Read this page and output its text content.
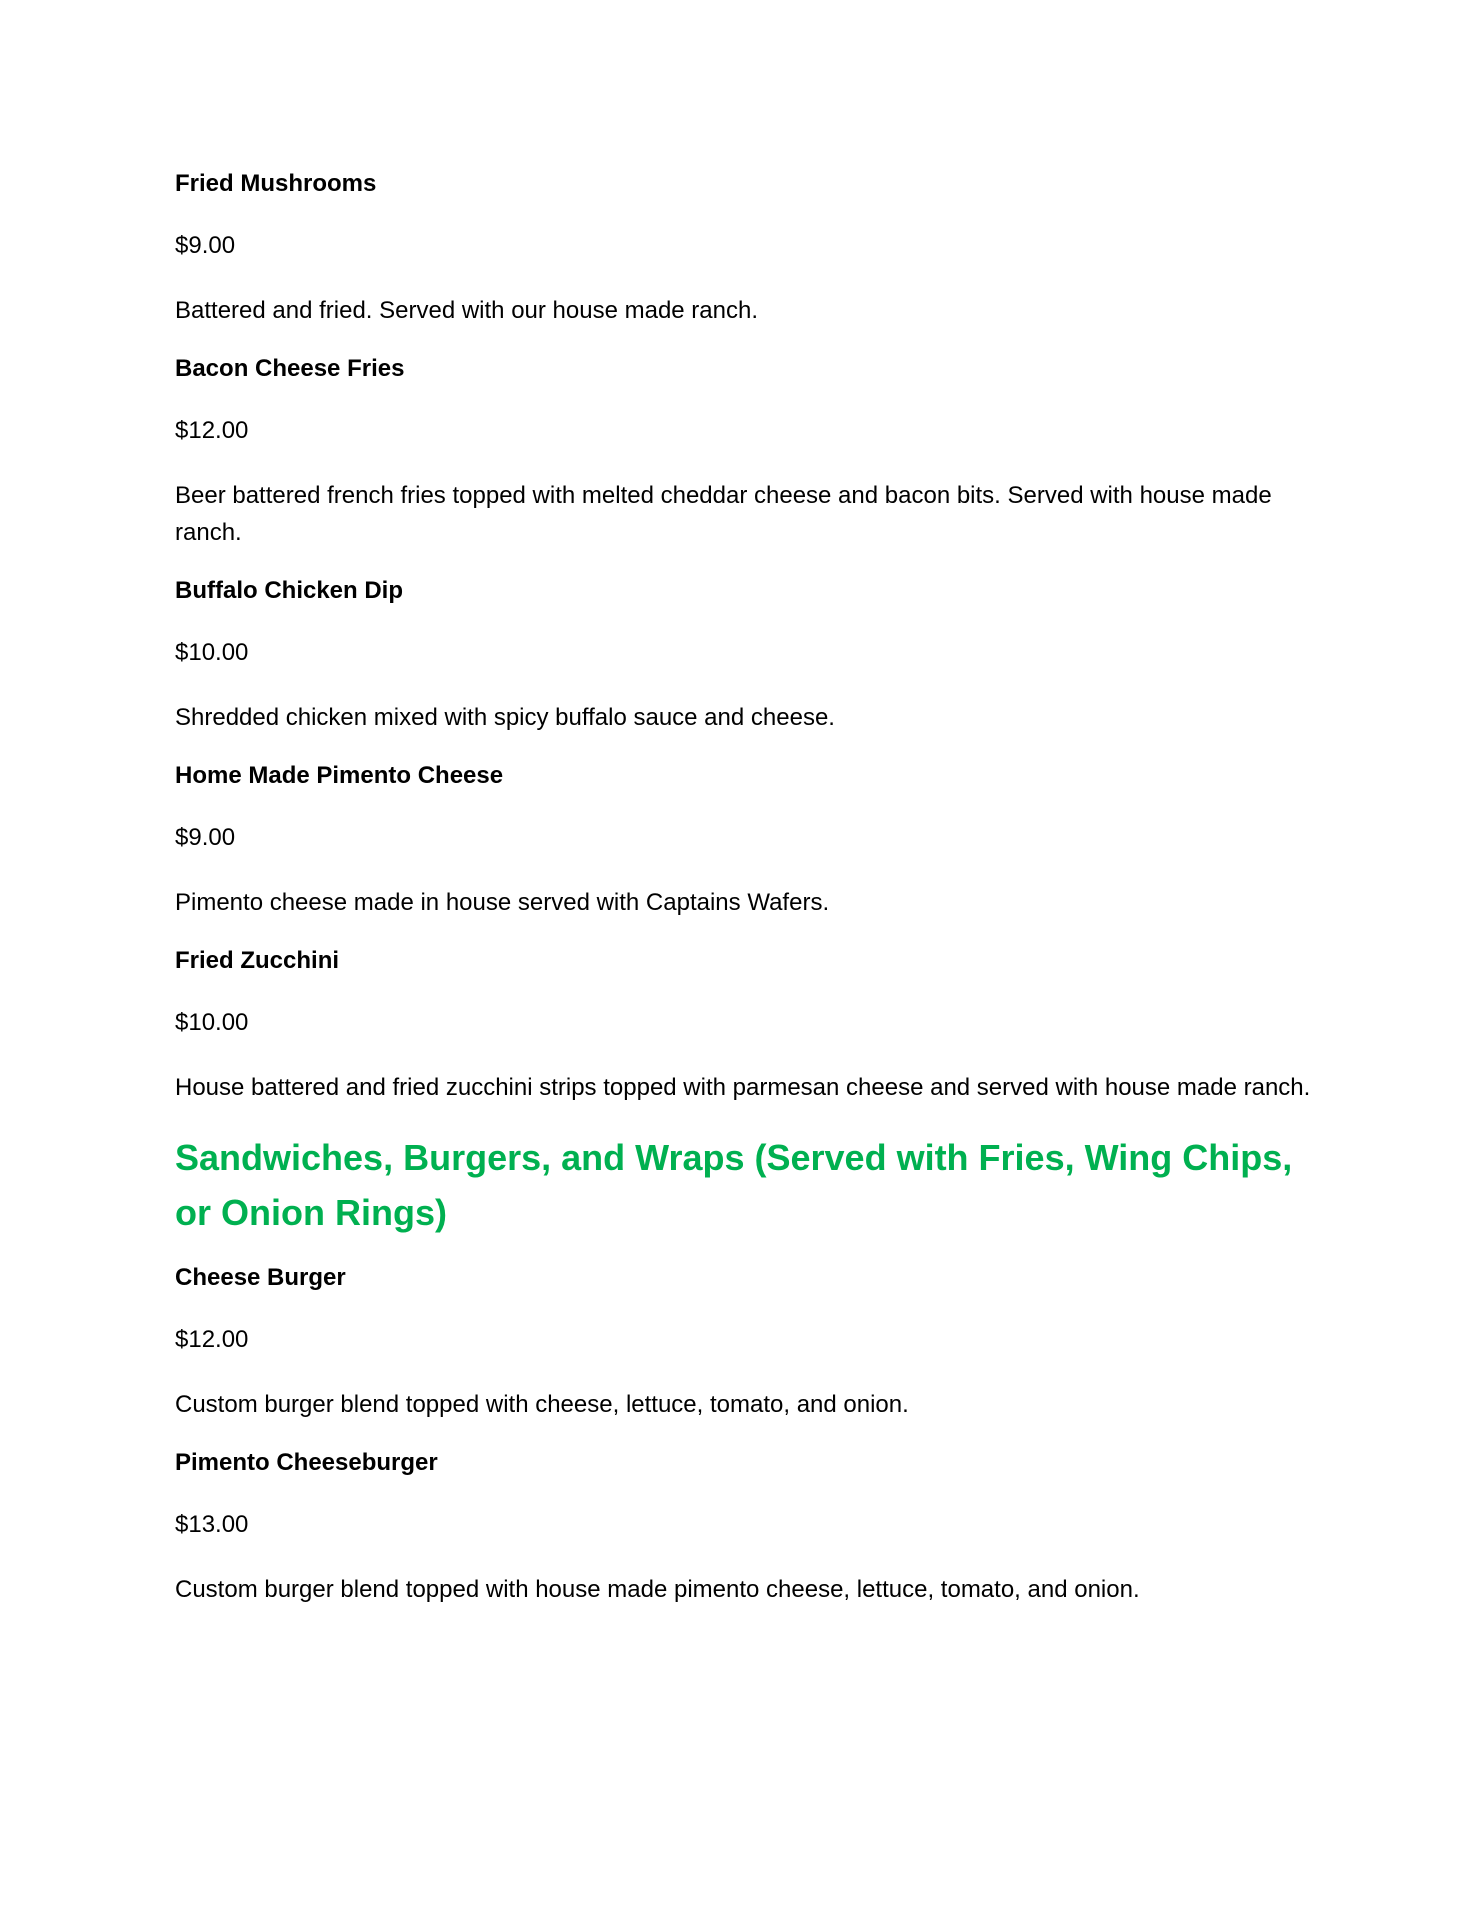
Fried Mushrooms
$9.00
Battered and fried. Served with our house made ranch.
Bacon Cheese Fries
$12.00
Beer battered french fries topped with melted cheddar cheese and bacon bits. Served with house made ranch.
Buffalo Chicken Dip
$10.00
Shredded chicken mixed with spicy buffalo sauce and cheese.
Home Made Pimento Cheese
$9.00
Pimento cheese made in house served with Captains Wafers.
Fried Zucchini
$10.00
House battered and fried zucchini strips topped with parmesan cheese and served with house made ranch.
Sandwiches, Burgers, and Wraps (Served with Fries, Wing Chips, or Onion Rings)
Cheese Burger
$12.00
Custom burger blend topped with cheese, lettuce, tomato, and onion.
Pimento Cheeseburger
$13.00
Custom burger blend topped with house made pimento cheese, lettuce, tomato, and onion.
